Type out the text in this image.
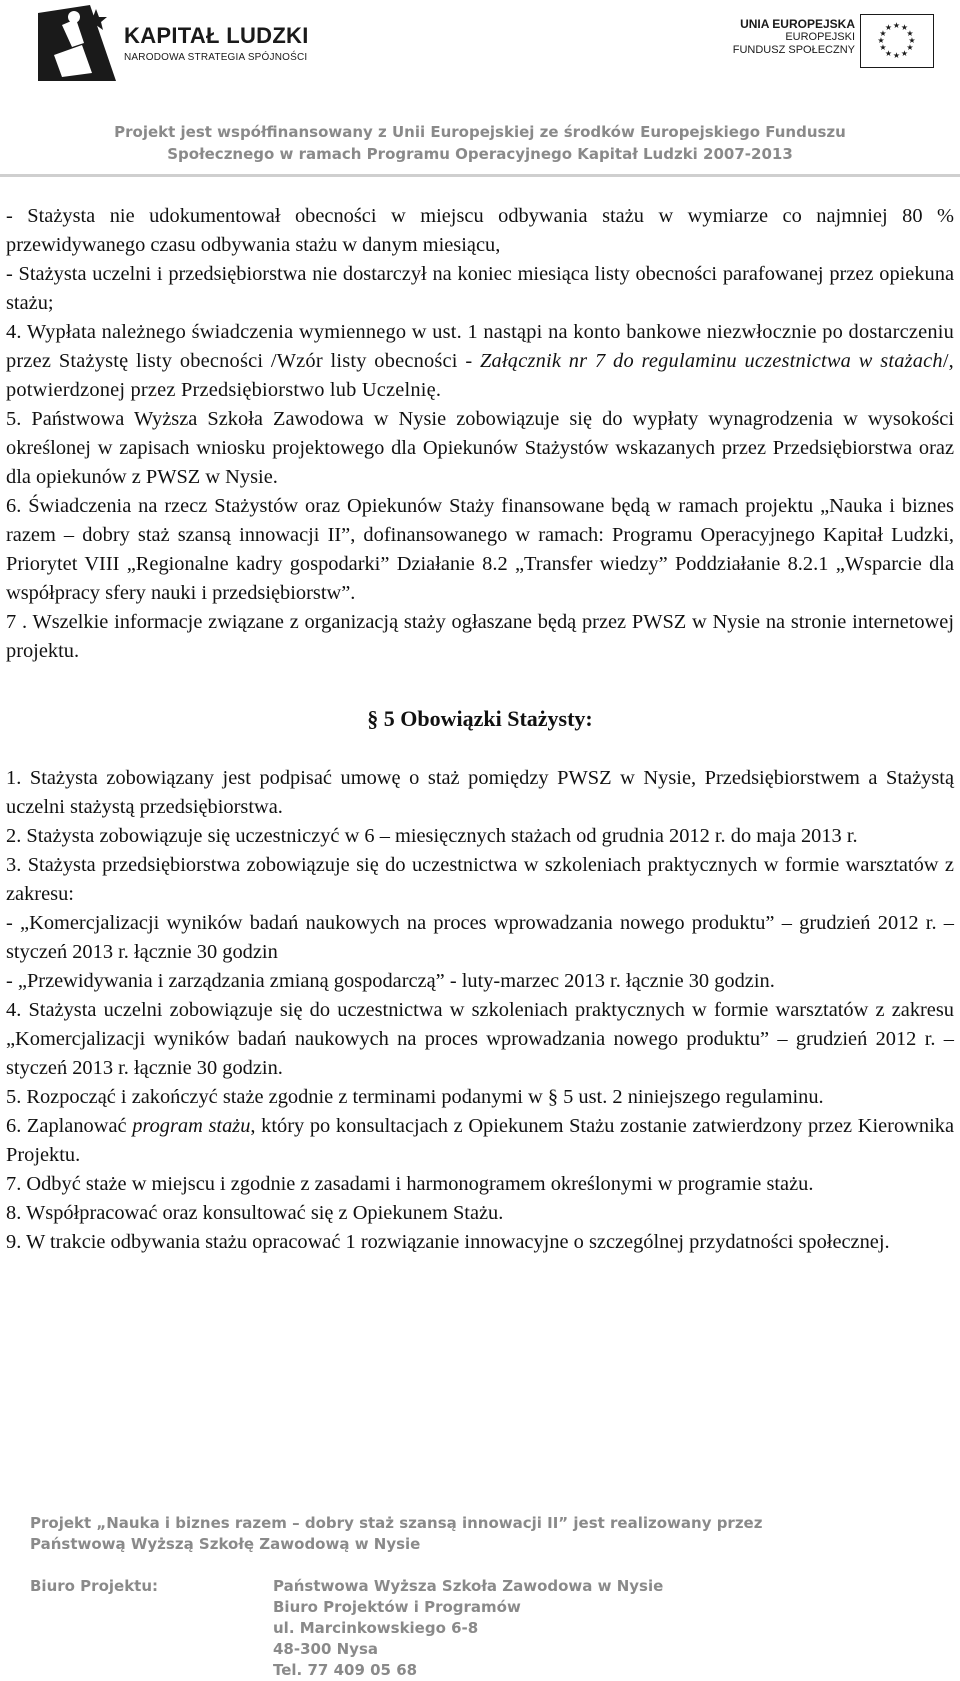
KAPITAŁ LUDZKI
NARODOWA STRATEGIA SPÓJNOŚCI
UNIA EUROPEJSKA
EUROPEJSKI
FUNDUSZ SPOŁECZNY
★ ★
★
★
★
★
★
★
★
★
★
★
Projekt jest współfinansowany z Unii Europejskiej ze środków Europejskiego Funduszu
Społecznego w ramach Programu Operacyjnego Kapitał Ludzki 2007-2013

- Stażysta nie udokumentował obecności w miejscu odbywania stażu w wymiarze co najmniej 80 % przewidywanego czasu odbywania stażu w danym miesiącu,

- Stażysta uczelni i przedsiębiorstwa nie dostarczył na koniec miesiąca listy obecności parafowanej przez opiekuna stażu;

4. Wypłata należnego świadczenia wymiennego w ust. 1 nastąpi na konto bankowe niezwłocznie po dostarczeniu przez Stażystę listy obecności /Wzór listy obecności - Załącznik nr 7 do regulaminu uczestnictwa w stażach/, potwierdzonej przez Przedsiębiorstwo lub Uczelnię.

5. Państwowa Wyższa Szkoła Zawodowa w Nysie zobowiązuje się do wypłaty wynagrodzenia w wysokości określonej w zapisach wniosku projektowego dla Opiekunów Stażystów wskazanych przez Przedsiębiorstwa oraz dla opiekunów z PWSZ w Nysie.

6. Świadczenia na rzecz Stażystów oraz Opiekunów Staży finansowane będą w ramach projektu „Nauka i biznes razem – dobry staż szansą innowacji II”, dofinansowanego w ramach: Programu Operacyjnego Kapitał Ludzki, Priorytet VIII „Regionalne kadry gospodarki” Działanie 8.2 „Transfer wiedzy” Poddziałanie 8.2.1 „Wsparcie dla współpracy sfery nauki i przedsiębiorstw”.

7 . Wszelkie informacje związane z organizacją staży ogłaszane będą przez PWSZ w Nysie na stronie internetowej projektu.

§ 5 Obowiązki Stażysty:

1. Stażysta zobowiązany jest podpisać umowę o staż pomiędzy PWSZ w Nysie, Przedsiębiorstwem a Stażystą uczelni stażystą przedsiębiorstwa.

2. Stażysta zobowiązuje się uczestniczyć w 6 – miesięcznych stażach od grudnia 2012 r. do maja 2013 r.

3. Stażysta przedsiębiorstwa zobowiązuje się do uczestnictwa w szkoleniach praktycznych w formie warsztatów z zakresu:

- „Komercjalizacji wyników badań naukowych na proces wprowadzania nowego produktu” – grudzień 2012 r. – styczeń 2013 r. łącznie 30 godzin

- „Przewidywania i zarządzania zmianą gospodarczą” - luty-marzec 2013 r. łącznie 30 godzin.

4. Stażysta uczelni zobowiązuje się do uczestnictwa w szkoleniach praktycznych w formie warsztatów z zakresu „Komercjalizacji wyników badań naukowych na proces wprowadzania nowego produktu” – grudzień 2012 r. – styczeń 2013 r. łącznie 30 godzin.

5. Rozpocząć i zakończyć staże zgodnie z terminami podanymi w § 5 ust. 2 niniejszego regulaminu.

6. Zaplanować program stażu, który po konsultacjach z Opiekunem Stażu zostanie zatwierdzony przez Kierownika Projektu.

7. Odbyć staże w miejscu i zgodnie z zasadami i harmonogramem określonymi w programie stażu.

8. Współpracować oraz konsultować się z Opiekunem Stażu.

9. W trakcie odbywania stażu opracować 1 rozwiązanie innowacyjne o szczególnej przydatności społecznej.

Projekt „Nauka i biznes razem – dobry staż szansą innowacji II” jest realizowany przez
Państwową Wyższą Szkołę Zawodową w Nysie
Biuro Projektu:	Państwowa Wyższa Szkoła Zawodowa w Nysie
Biuro Projektów i Programów
ul. Marcinkowskiego 6-8
48-300 Nysa
Tel. 77 409 05 68
